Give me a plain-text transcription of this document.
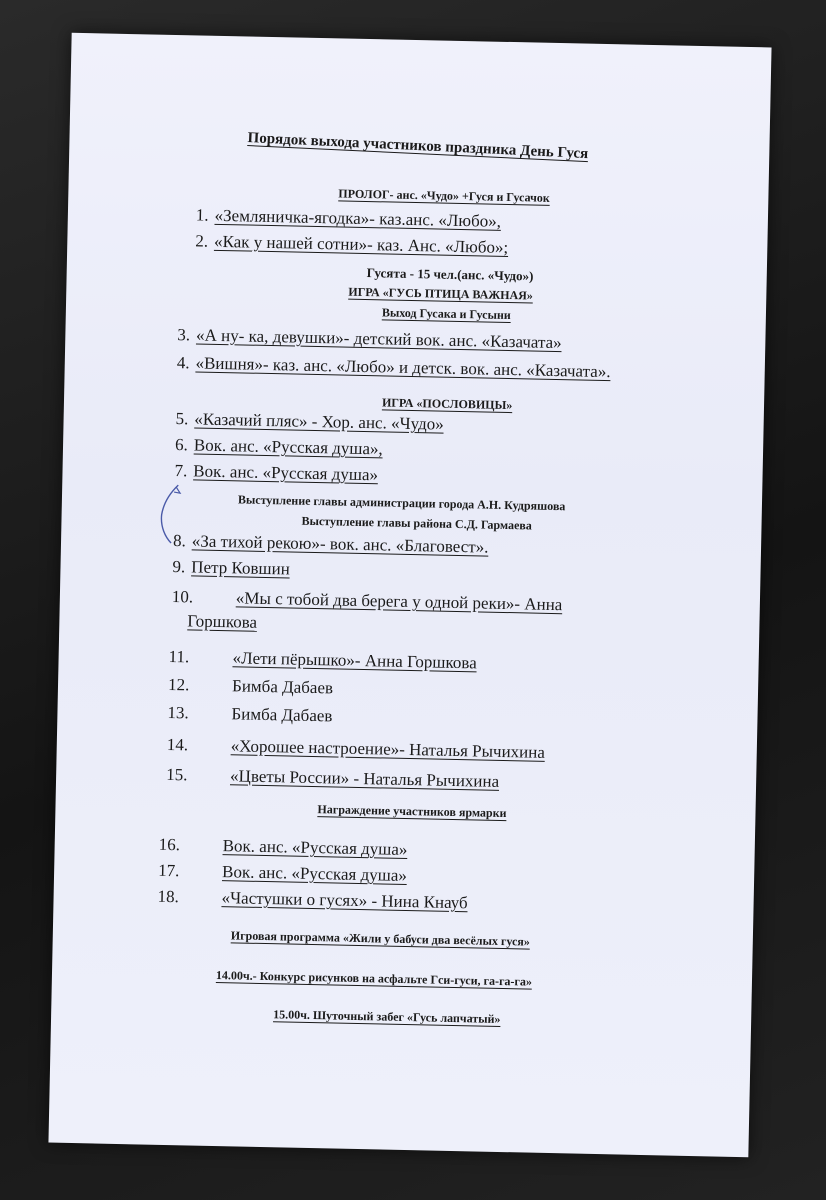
Порядок выхода участников праздника День Гуся
ПРОЛОГ- анс. «Чудо» +Гуся и Гусачок
1. «Земляничка-ягодка»- каз.анс. «Любо»,
2. «Как у нашей сотни»- каз. Анс. «Любо»;
Гусята - 15 чел.(анс. «Чудо»)
ИГРА «ГУСЬ ПТИЦА ВАЖНАЯ»
Выход Гусака и Гусыни
3. «А ну- ка, девушки»- детский вок. анс. «Казачата»
4. «Вишня»- каз. анс. «Любо» и детск. вок. анс. «Казачата».
ИГРА «ПОСЛОВИЦЫ»
5. «Казачий пляс» - Хор. анс. «Чудо»
6. Вок. анс. «Русская душа»,
7. Вок. анс. «Русская душа»
Выступление главы администрации города А.Н. Кудряшова
Выступление главы района С.Д. Гармаева
8. «За тихой рекою»- вок. анс. «Благовест».
9. Петр Ковшин
10.	«Мы с тобой два берега у одной реки»- Анна
Горшкова
11.	«Лети пёрышко»- Анна Горшкова
12.	Бимба Дабаев
13.	Бимба Дабаев
14.	«Хорошее настроение»- Наталья Рычихина
15.	«Цветы России» - Наталья Рычихина
Награждение участников ярмарки
16.	Вок. анс. «Русская душа»
17.	Вок. анс. «Русская душа»
18.	«Частушки о гусях» - Нина Кнауб
Игровая программа «Жили у бабуси два весёлых гуся»
14.00ч.- Конкурс рисунков на асфальте Гси-гуси, га-га-га»
15.00ч. Шуточный забег «Гусь лапчатый»
